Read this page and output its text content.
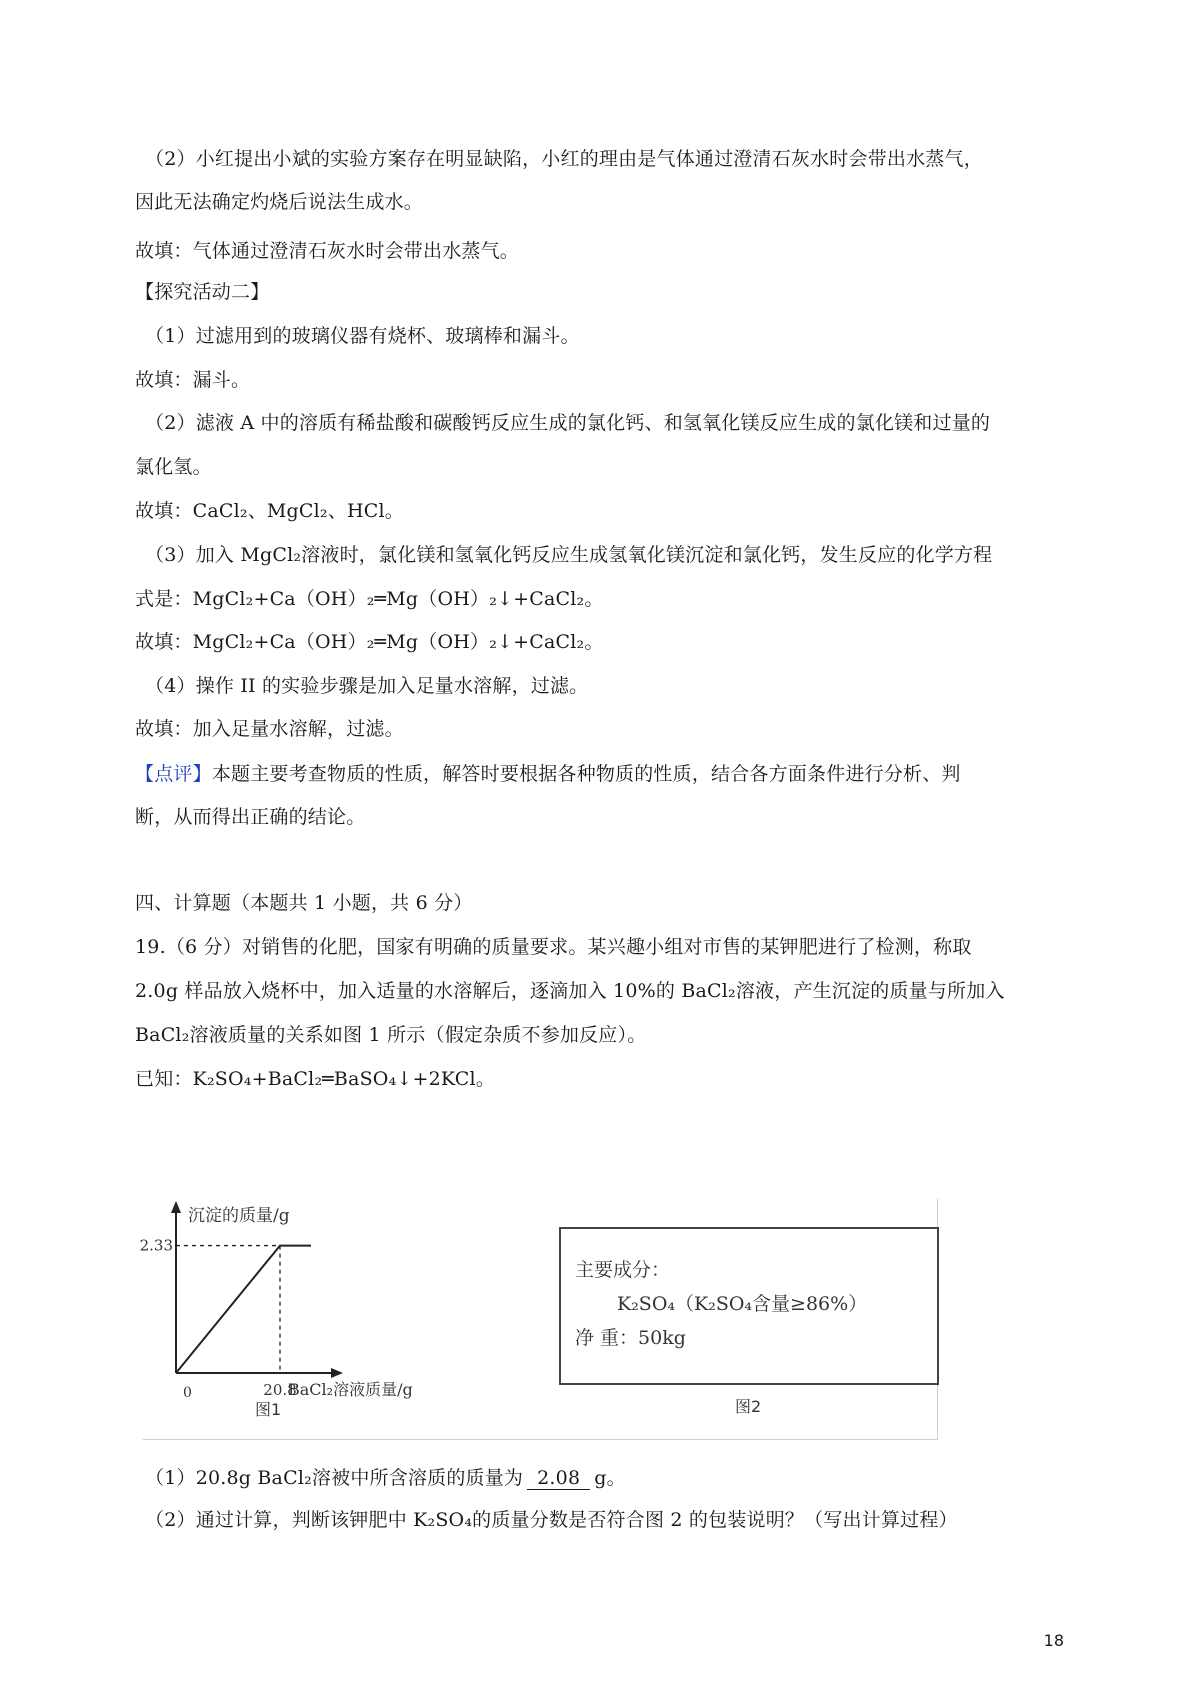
（2）小红提出小斌的实验方案存在明显缺陷，小红的理由是气体通过澄清石灰水时会带出水蒸气，
因此无法确定灼烧后说法生成水。
故填：气体通过澄清石灰水时会带出水蒸气。
【探究活动二】
（1）过滤用到的玻璃仪器有烧杯、玻璃棒和漏斗。
故填：漏斗。
（2）滤液 A 中的溶质有稀盐酸和碳酸钙反应生成的氯化钙、和氢氧化镁反应生成的氯化镁和过量的
氯化氢。
故填：CaCl₂、MgCl₂、HCl。
（3）加入 MgCl₂溶液时，氯化镁和氢氧化钙反应生成氢氧化镁沉淀和氯化钙，发生反应的化学方程
式是：MgCl₂+Ca（OH）₂═Mg（OH）₂↓+CaCl₂。
故填：MgCl₂+Ca（OH）₂═Mg（OH）₂↓+CaCl₂。
（4）操作 II 的实验步骤是加入足量水溶解，过滤。
故填：加入足量水溶解，过滤。
【点评】本题主要考查物质的性质，解答时要根据各种物质的性质，结合各方面条件进行分析、判
断，从而得出正确的结论。
四、计算题（本题共 1 小题，共 6 分）
19.（6 分）对销售的化肥，国家有明确的质量要求。某兴趣小组对市售的某钾肥进行了检测，称取
2.0g 样品放入烧杯中，加入适量的水溶解后，逐滴加入 10%的 BaCl₂溶液，产生沉淀的质量与所加入
BaCl₂溶液质量的关系如图 1 所示（假定杂质不参加反应）。
已知：K₂SO₄+BaCl₂═BaSO₄↓+2KCl。
2.33
20.8
0
沉淀的质量/g
BaCl₂溶液质量/g
图1
主要成分：
K₂SO₄（K₂SO₄含量≥86%）
净 重：50kg
图2
（1）20.8g BaCl₂溶被中所含溶质的质量为 2.08 g。
（2）通过计算，判断该钾肥中 K₂SO₄的质量分数是否符合图 2 的包装说明？（写出计算过程）
18
